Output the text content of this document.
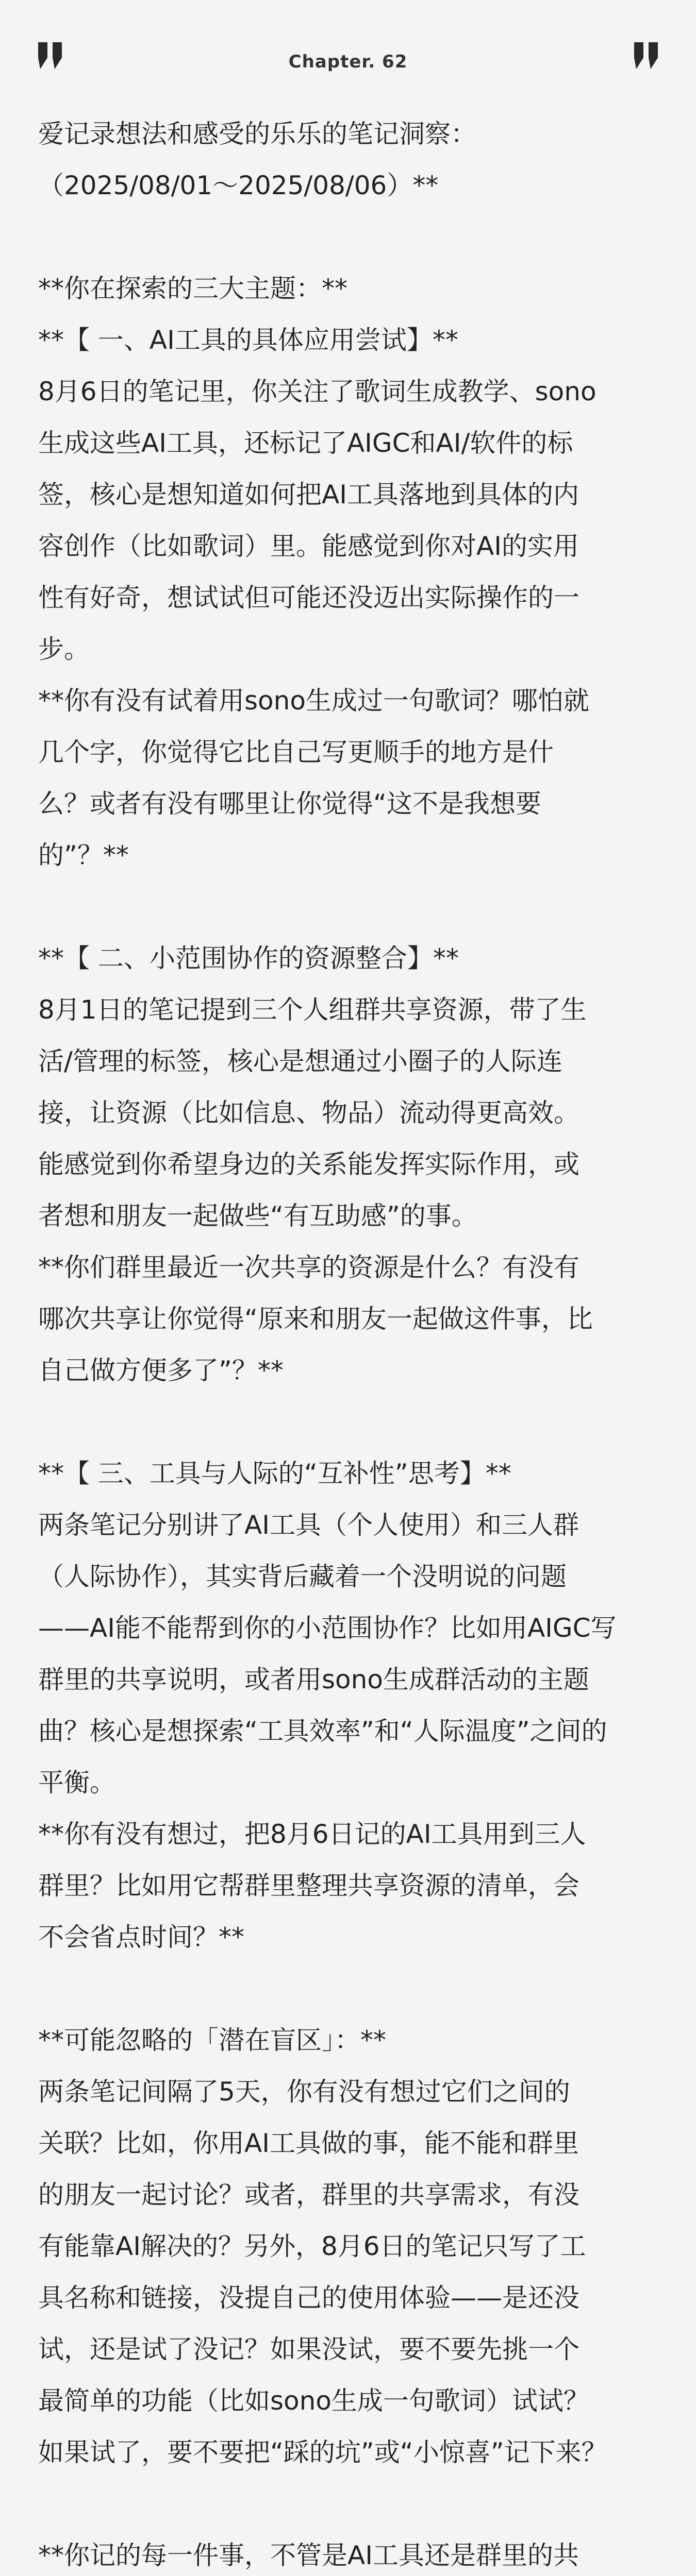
Chapter. 62

爱记录想法和感受的乐乐的笔记洞察：

（2025/08/01～2025/08/06）**

**你在探索的三大主题：**

**【 一、AI工具的具体应用尝试】**

8月6日的笔记里，你关注了歌词生成教学、sono

生成这些AI工具，还标记了AIGC和AI/软件的标

签，核心是想知道如何把AI工具落地到具体的内

容创作（比如歌词）里。能感觉到你对AI的实用

性有好奇，想试试但可能还没迈出实际操作的一

步。

**你有没有试着用sono生成过一句歌词？哪怕就

几个字，你觉得它比自己写更顺手的地方是什

么？或者有没有哪里让你觉得“这不是我想要

的”？**

**【 二、小范围协作的资源整合】**

8月1日的笔记提到三个人组群共享资源，带了生

活/管理的标签，核心是想通过小圈子的人际连

接，让资源（比如信息、物品）流动得更高效。

能感觉到你希望身边的关系能发挥实际作用，或

者想和朋友一起做些“有互助感”的事。

**你们群里最近一次共享的资源是什么？有没有

哪次共享让你觉得“原来和朋友一起做这件事，比

自己做方便多了”？**

**【 三、工具与人际的“互补性”思考】**

两条笔记分别讲了AI工具（个人使用）和三人群

（人际协作），其实背后藏着一个没明说的问题

——AI能不能帮到你的小范围协作？比如用AIGC写

群里的共享说明，或者用sono生成群活动的主题

曲？核心是想探索“工具效率”和“人际温度”之间的

平衡。

**你有没有想过，把8月6日记的AI工具用到三人

群里？比如用它帮群里整理共享资源的清单，会

不会省点时间？**

**可能忽略的「潜在盲区」：**

两条笔记间隔了5天，你有没有想过它们之间的

关联？比如，你用AI工具做的事，能不能和群里

的朋友一起讨论？或者，群里的共享需求，有没

有能靠AI解决的？另外，8月6日的笔记只写了工

具名称和链接，没提自己的使用体验——是还没

试，还是试了没记？如果没试，要不要先挑一个

最简单的功能（比如sono生成一句歌词）试试？

如果试了，要不要把“踩的坑”或“小惊喜”记下来？

**你记的每一件事，不管是AI工具还是群里的共
